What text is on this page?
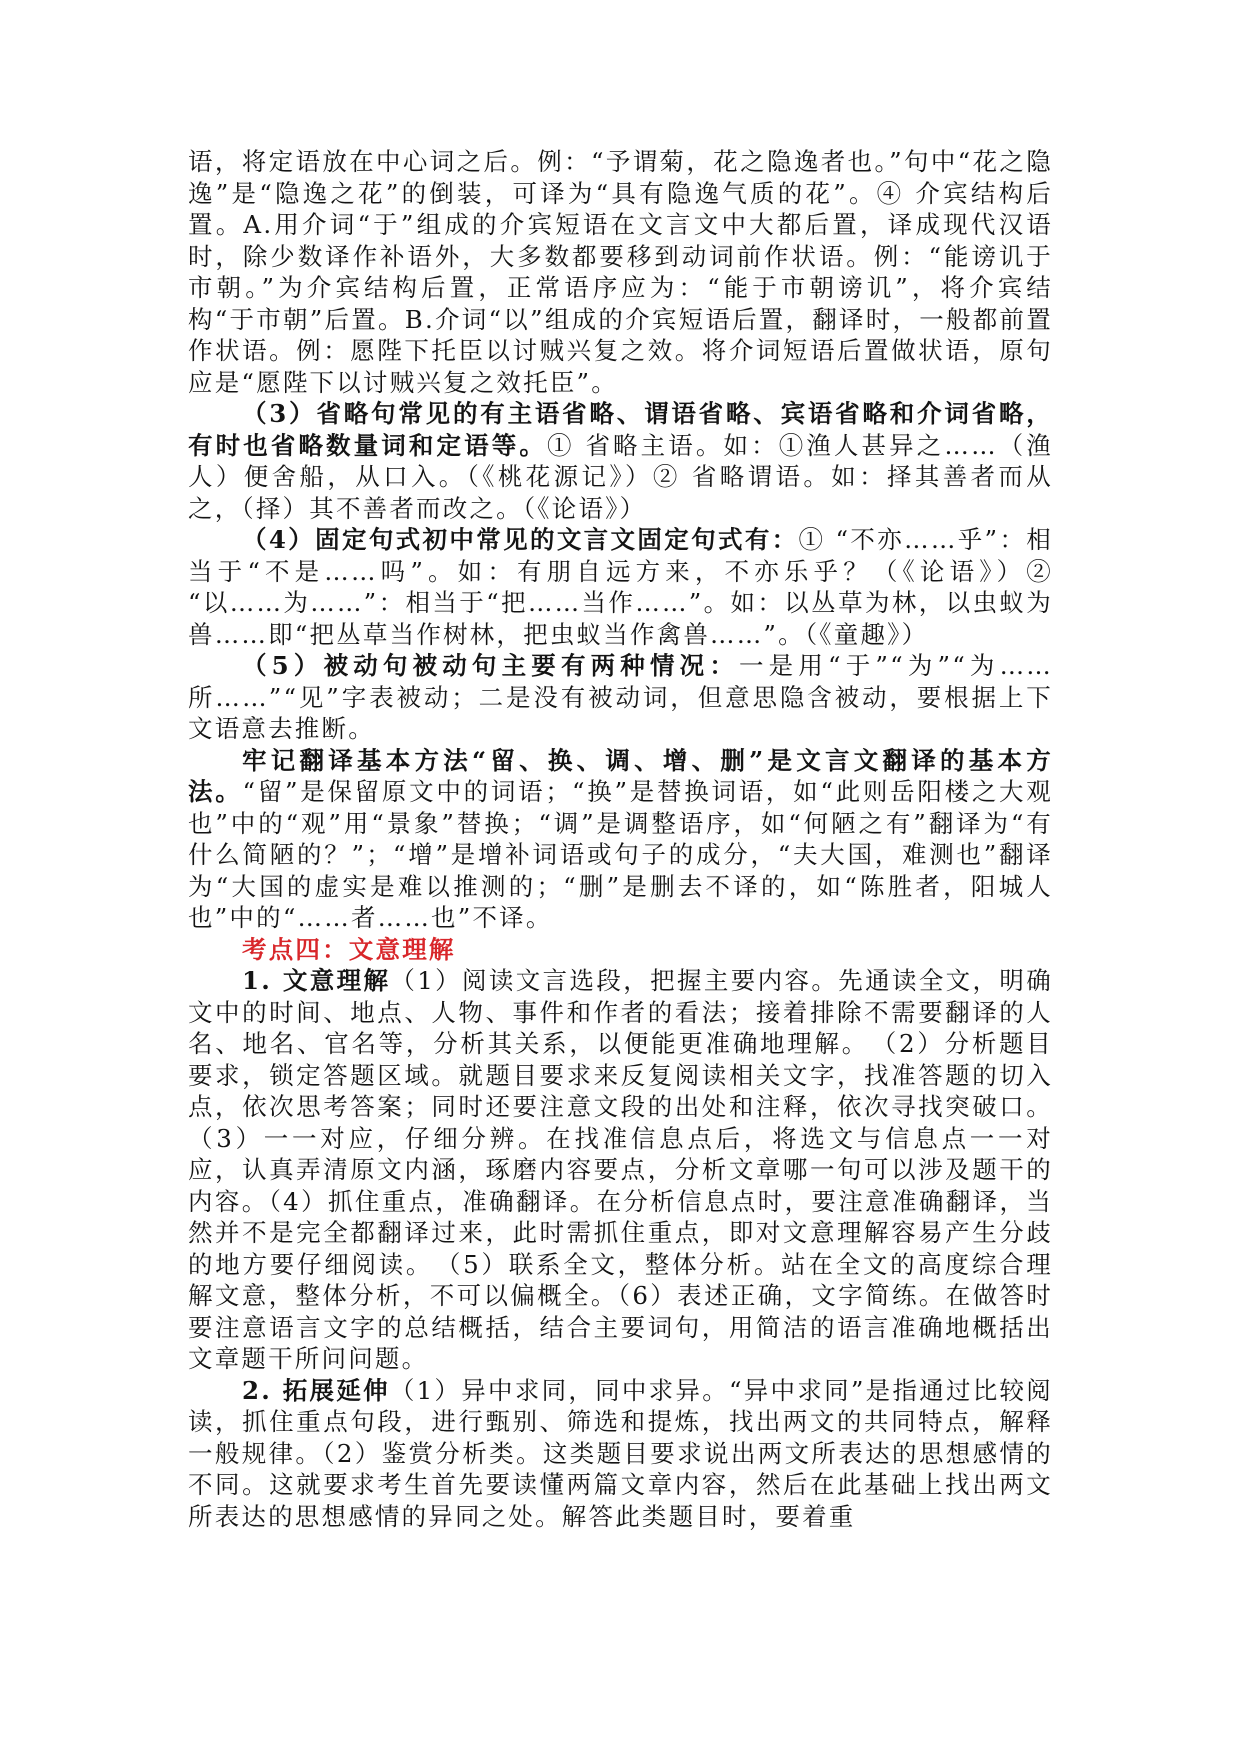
语，将定语放在中心词之后。例：“予谓菊，花之隐逸者也。”句中“花之隐逸”是“隐逸之花”的倒装，可译为“具有隐逸气质的花”。④ 介宾结构后置。A.用介词“于”组成的介宾短语在文言文中大都后置，译成现代汉语时，除少数译作补语外，大多数都要移到动词前作状语。例：“能谤讥于市朝。”为介宾结构后置，正常语序应为：“能于市朝谤讥”，将介宾结构“于市朝”后置。B.介词“以”组成的介宾短语后置，翻译时，一般都前置作状语。例：愿陛下托臣以讨贼兴复之效。将介词短语后置做状语，原句应是“愿陛下以讨贼兴复之效托臣”。

（3）省略句常见的有主语省略、谓语省略、宾语省略和介词省略，有时也省略数量词和定语等。① 省略主语。如：①渔人甚异之……（渔人）便舍船，从口入。（《桃花源记》）② 省略谓语。如：择其善者而从之，（择）其不善者而改之。（《论语》）

（4）固定句式初中常见的文言文固定句式有：① “不亦……乎”：相当于“不是……吗”。如：有朋自远方来，不亦乐乎？（《论语》）② “以……为……”：相当于“把……当作……”。如：以丛草为林，以虫蚁为兽……即“把丛草当作树林，把虫蚁当作禽兽……”。（《童趣》）

（5）被动句被动句主要有两种情况：一是用“于”“为”“为……所……”“见”字表被动；二是没有被动词，但意思隐含被动，要根据上下文语意去推断。

牢记翻译基本方法“留、换、调、增、删”是文言文翻译的基本方法。“留”是保留原文中的词语；“换”是替换词语，如“此则岳阳楼之大观也”中的“观”用“景象”替换；“调”是调整语序，如“何陋之有”翻译为“有什么简陋的？”；“增”是增补词语或句子的成分，“夫大国，难测也”翻译为“大国的虚实是难以推测的；“删”是删去不译的，如“陈胜者，阳城人也”中的“……者……也”不译。

考点四：文意理解

1. 文意理解（1）阅读文言选段，把握主要内容。先通读全文，明确文中的时间、地点、人物、事件和作者的看法；接着排除不需要翻译的人名、地名、官名等，分析其关系，以便能更准确地理解。　（2）分析题目要求，锁定答题区域。就题目要求来反复阅读相关文字，找准答题的切入点，依次思考答案；同时还要注意文段的出处和注释，依次寻找突破口。（3）一一对应，仔细分辨。在找准信息点后，将选文与信息点一一对应，认真弄清原文内涵，琢磨内容要点，分析文章哪一句可以涉及题干的内容。（4）抓住重点，准确翻译。在分析信息点时，要注意准确翻译，当然并不是完全都翻译过来，此时需抓住重点，即对文意理解容易产生分歧的地方要仔细阅读。　（5）联系全文，整体分析。站在全文的高度综合理解文意，整体分析，不可以偏概全。（6）表述正确，文字简练。在做答时要注意语言文字的总结概括，结合主要词句，用简洁的语言准确地概括出文章题干所问问题。

2. 拓展延伸（1）异中求同，同中求异。“异中求同”是指通过比较阅读，抓住重点句段，进行甄别、筛选和提炼，找出两文的共同特点，解释一般规律。（2）鉴赏分析类。这类题目要求说出两文所表达的思想感情的不同。这就要求考生首先要读懂两篇文章内容，然后在此基础上找出两文所表达的思想感情的异同之处。解答此类题目时，要着重
